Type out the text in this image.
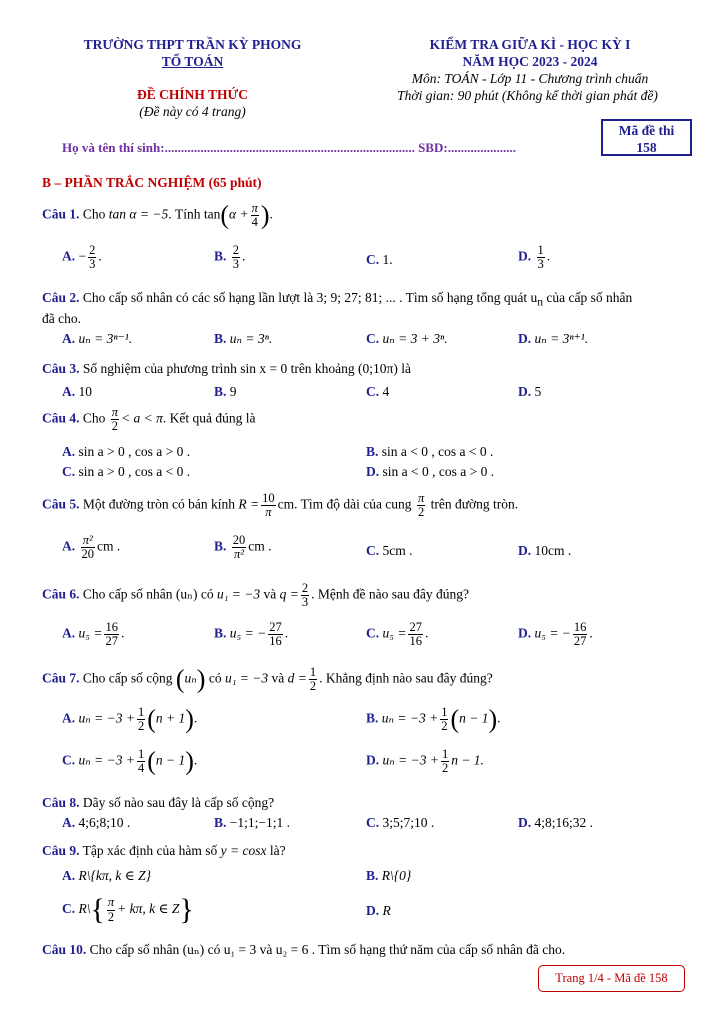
TRƯỜNG THPT TRẦN KỲ PHONG
TỔ TOÁN
ĐỀ CHÍNH THỨC
(Đề này có 4 trang)
KIỂM TRA GIỮA KÌ - HỌC KỲ I
NĂM HỌC 2023 - 2024
Môn: TOÁN - Lớp 11 - Chương trình chuẩn
Thời gian: 90 phút (Không kể thời gian phát đề)
Họ và tên thí sinh:............................................................................. SBD:.....................
Mã đề thi
158
B – PHẦN TRẮC NGHIỆM (65 phút)
Câu 1. Cho tan α = −5. Tính $\tan(\alpha + \frac{\pi}{4}$ ).
A. − $\frac{2}{3}$ .	B. $\frac{2}{3}$ .	C. 1.	D. $\frac{1}{3}$ .
Câu 2. Cho cấp số nhân có các số hạng lần lượt là 3; 9; 27; 81; ... . Tìm số hạng tổng quát $u_n$ của cấp số nhân
đã cho.
A. uₙ = 3ⁿ⁻¹.	B. uₙ = 3ⁿ.	C. uₙ = 3 + 3ⁿ.	D. uₙ = 3ⁿ⁺¹.
Câu 3. Số nghiệm của phương trình sin x = 0 trên khoảng (0;10π) là
A. 10	B. 9	C. 4	D. 5
Câu 4. Cho $\frac{\pi}{2} < a < \pi$. Kết quả đúng là
A. sin a > 0 , cos a > 0 .	B. sin a < 0 , cos a < 0 .
C. sin a > 0 , cos a < 0 .	D. sin a < 0 , cos a > 0 .
Câu 5. Một đường tròn có bán kính $R = \frac{10}{\pi}$ cm. Tìm độ dài của cung $\frac{\pi}{2}$ trên đường tròn.
A. $\frac{\text{π²}}{20}$ cm .	B. $\frac{20}{\text{π²}}$ cm .	C. 5cm .	D. 10cm .
Câu 6. Cho cấp số nhân (uₙ) có u₁ = −3 và $q = \frac{2}{3}$ . Mệnh đề nào sau đây đúng?
A. $u_5 = \frac{16}{27}$ .	B. u₅ = − $\frac{27}{16}$ .	C. $u_5 = \frac{27}{16}$ .	D. u₅ = − $\frac{16}{27}$ .
Câu 7. Cho cấp số cộng (uₙ) có u₁ = −3 và $d = \frac{1}{2}$ . Khẳng định nào sau đây đúng?
A. $u_n = -3 + \frac{1}{2} (n + 1)$.	B. $u_n = -3 + \frac{1}{2} (n - 1)$.
C. $u_n = -3 + \frac{1}{4} (n - 1)$.	D. $u_n = -3 + \frac{1}{2}$ n − 1.
Câu 8. Dãy số nào sau đây là cấp số cộng?
A. 4;6;8;10 .	B. −1;1;−1;1 .	C. 3;5;7;10 .	D. 4;8;16;32 .
Câu 9. Tập xác định của hàm số y = cosx là?
A. R\{kπ, k ∈ Z}	B. R\{0}
C. R\{ $\frac{\pi}{2} + k\pi$, k ∈ Z}	D. R
Câu 10. Cho cấp số nhân (uₙ) có u₁ = 3 và u₂ = 6 . Tìm số hạng thứ năm của cấp số nhân đã cho.
Trang 1/4 - Mã đề 158
